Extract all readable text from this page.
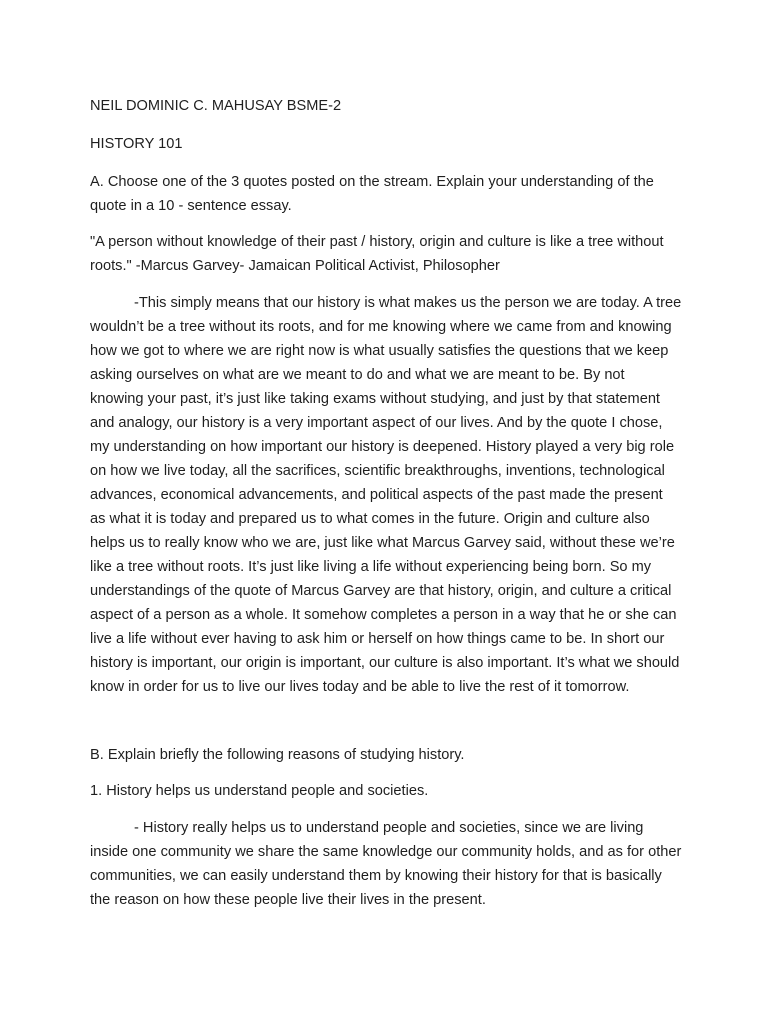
NEIL DOMINIC C. MAHUSAY BSME-2

HISTORY 101

A. Choose one of the 3 quotes posted on the stream. Explain your understanding of the quote in a 10 - sentence essay.

"A person without knowledge of their past / history, origin and culture is like a tree without roots." -Marcus Garvey- Jamaican Political Activist, Philosopher

-This simply means that our history is what makes us the person we are today. A tree wouldn’t be a tree without its roots, and for me knowing where we came from and knowing how we got to where we are right now is what usually satisfies the questions that we keep asking ourselves on what are we meant to do and what we are meant to be. By not knowing your past, it’s just like taking exams without studying, and just by that statement and analogy, our history is a very important aspect of our lives. And by the quote I chose, my understanding on how important our history is deepened. History played a very big role on how we live today, all the sacrifices, scientific breakthroughs, inventions, technological advances, economical advancements, and political aspects of the past made the present as what it is today and prepared us to what comes in the future. Origin and culture also helps us to really know who we are, just like what Marcus Garvey said, without these we’re like a tree without roots. It’s just like living a life without experiencing being born. So my understandings of the quote of Marcus Garvey are that history, origin, and culture a critical aspect of a person as a whole. It somehow completes a person in a way that he or she can live a life without ever having to ask him or herself on how things came to be. In short our history is important, our origin is important, our culture is also important. It’s what we should know in order for us to live our lives today and be able to live the rest of it tomorrow.

B. Explain briefly the following reasons of studying history.

1. History helps us understand people and societies.

- History really helps us to understand people and societies, since we are living inside one community we share the same knowledge our community holds, and as for other communities, we can easily understand them by knowing their history for that is basically the reason on how these people live their lives in the present.
